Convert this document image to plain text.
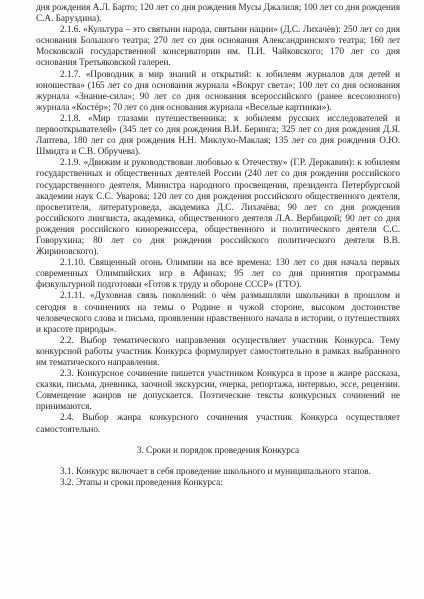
дня рождения А.Л. Барто; 120 лет со дня рождения Мусы Джалиля; 100 лет со дня рождения С.А. Баруздина).

2.1.6. «Культура – это святыни народа, святыни нации» (Д.С. Лихачёв): 250 лет со дня основания Большого театра; 270 лет со дня основания Александринского театра; 160 лет Московской государственной консерватории им. П.И. Чайковского; 170 лет со дня основания Третьяковской галереи.

2.1.7. «Проводник в мир знаний и открытий: к юбилеям журналов для детей и юношества» (165 лет со дня основания журнала «Вокруг света»; 100 лет со дня основания журнала «Знание-сила»; 90 лет со дня основания всероссийского (ранее всесоюзного) журнала «Костёр»; 70 лет со дня основания журнала «Веселые картинки»).

2.1.8. «Мир глазами путешественника: к юбилеям русских исследователей и первооткрывателей» (345 лет со дня рождения В.И. Беринга; 325 лет со дня рождения Д.Я. Лаптева, 180 лет со дня рождения Н.Н. Миклухо-Маклая; 135 лет со дня рождения О.Ю. Шмидта и С.В. Обручева).

2.1.9. «Движим и руководствован любовью к Отечеству» (Г.Р. Державин): к юбилеям государственных и общественных деятелей России (240 лет со дня рождения российского государственного деятеля, Министра народного просвещения, президента Петербургской академии наук С.С. Уварова; 120 лет со дня рождения российского общественного деятеля, просветителя, литературоведа, академика Д.С. Лихачёва; 90 лет со дня рождения российского лингвиста, академика, общественного деятеля Л.А. Вербицкой; 90 лет со дня рождения российского кинорежиссера, общественного и политического деятеля С.С. Говорухина; 80 лет со дня рождения российского политического деятеля В.В. Жириновского).

2.1.10. Священный огонь Олимпии на все времена: 130 лет со дня начала первых современных Олимпийских игр в Афинах; 95 лет со дня принятия программы физкультурной подготовки «Готов к труду и обороне СССР» (ГТО).

2.1.11. «Духовная связь поколений: о чём размышляли школьники в прошлом и сегодня в сочинениях на темы о Родине и чужой стороне, высоком достоинстве человеческого слова и письма, проявлении нравственного начала в истории, о путешествиях и красоте природы».

2.2. Выбор тематического направления осуществляет участник Конкурса. Тему конкурсной работы участник Конкурса формулирует самостоятельно в рамках выбранного им тематического направления.

2.3. Конкурсное сочинение пишется участником Конкурса в прозе в жанре рассказа, сказки, письма, дневника, заочной экскурсии, очерка, репортажа, интервью, эссе, рецензии. Совмещение жанров не допускается. Поэтические тексты конкурсных сочинений не принимаются.

2.4. Выбор жанра конкурсного сочинения участник Конкурса осуществляет самостоятельно.

3. Сроки и порядок проведения Конкурса

3.1. Конкурс включает в себя проведение школьного и муниципального этапов.

3.2. Этапы и сроки проведения Конкурса:
